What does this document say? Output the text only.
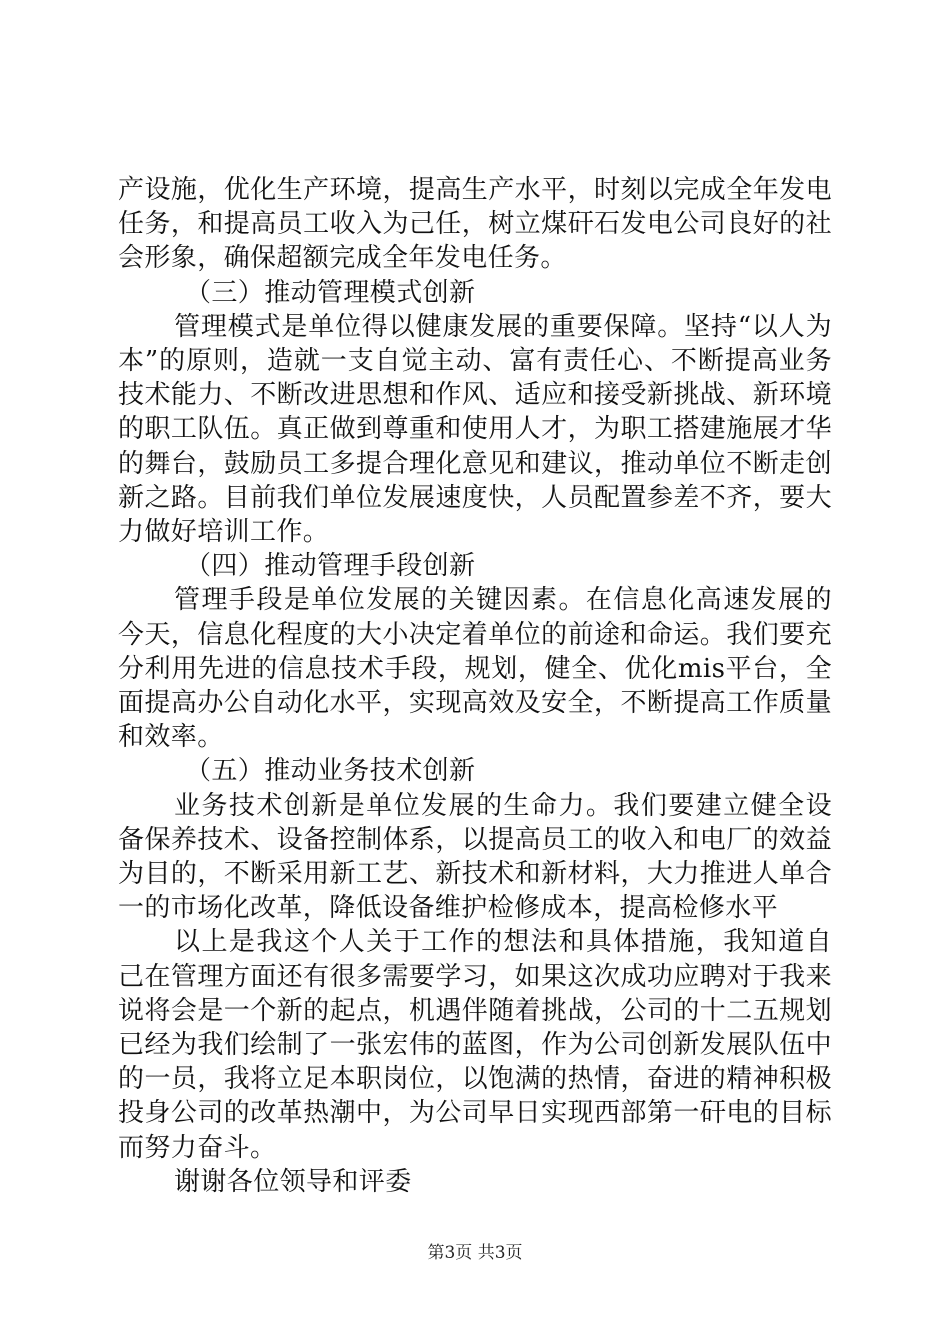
产设施，优化生产环境，提高生产水平，时刻以完成全年发电任务，和提高员工收入为己任，树立煤矸石发电公司良好的社会形象，确保超额完成全年发电任务。

（三）推动管理模式创新

管理模式是单位得以健康发展的重要保障。坚持“以人为本”的原则，造就一支自觉主动、富有责任心、不断提高业务技术能力、不断改进思想和作风、适应和接受新挑战、新环境的职工队伍。真正做到尊重和使用人才，为职工搭建施展才华的舞台，鼓励员工多提合理化意见和建议，推动单位不断走创新之路。目前我们单位发展速度快，人员配置参差不齐，要大力做好培训工作。

（四）推动管理手段创新

管理手段是单位发展的关键因素。在信息化高速发展的今天，信息化程度的大小决定着单位的前途和命运。我们要充分利用先进的信息技术手段，规划，健全、优化mis平台，全面提高办公自动化水平，实现高效及安全，不断提高工作质量和效率。

（五）推动业务技术创新

业务技术创新是单位发展的生命力。我们要建立健全设备保养技术、设备控制体系，以提高员工的收入和电厂的效益为目的，不断采用新工艺、新技术和新材料，大力推进人单合一的市场化改革，降低设备维护检修成本，提高检修水平

以上是我这个人关于工作的想法和具体措施，我知道自己在管理方面还有很多需要学习，如果这次成功应聘对于我来说将会是一个新的起点，机遇伴随着挑战，公司的十二五规划已经为我们绘制了一张宏伟的蓝图，作为公司创新发展队伍中的一员，我将立足本职岗位，以饱满的热情，奋进的精神积极投身公司的改革热潮中，为公司早日实现西部第一矸电的目标而努力奋斗。

谢谢各位领导和评委

第3页 共3页
